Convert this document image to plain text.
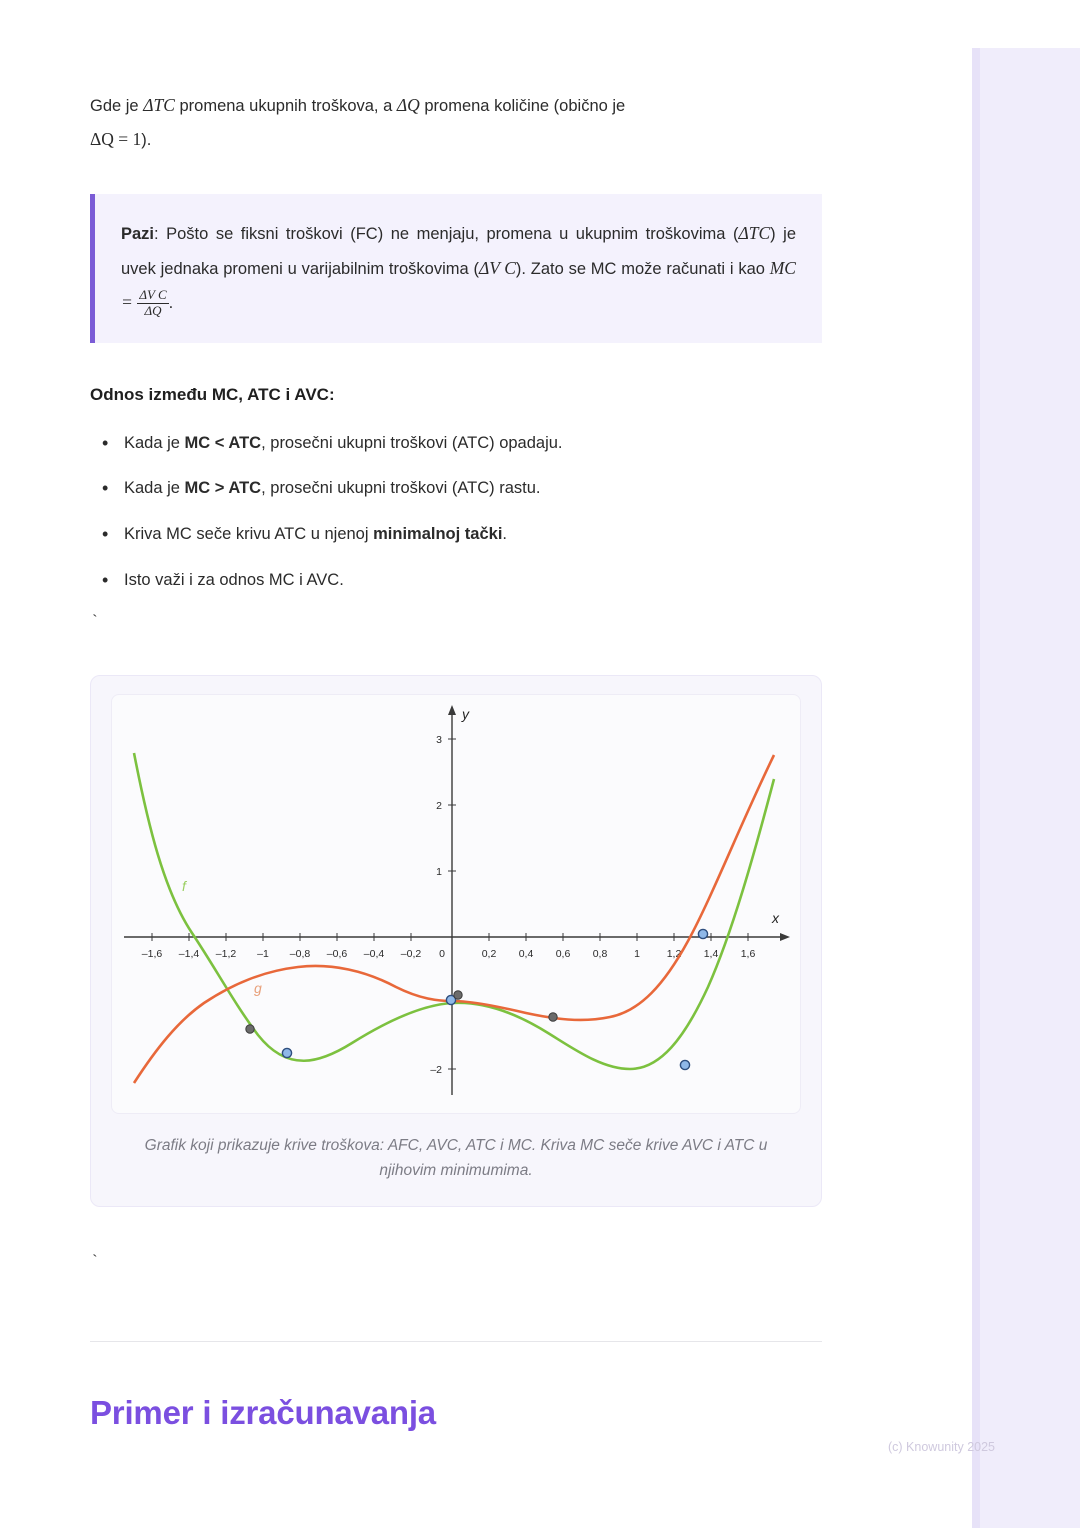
Gde je ΔTC promena ukupnih troškova, a ΔQ promena količine (obično je
ΔQ = 1).

Pazi: Pošto se fiksni troškovi (FC) ne menjaju, promena u ukupnim troškovima (ΔTC) je uvek jednaka promeni u varijabilnim troškovima (ΔV C). Zato se MC može računati i kao MC = $\frac{\text{ΔV C}}{\Delta Q}$ .

Odnos između MC, ATC i AVC:
• Kada je MC < ATC, prosečni ukupni troškovi (ATC) opadaju.
• Kada je MC > ATC, prosečni ukupni troškovi (ATC) rastu.
• Kriva MC seče krivu ATC u njenoj minimalnoj tački.
• Isto važi i za odnos MC i AVC.
`
x
y
–1,6 –1,4 –1,2 –1 –0,8 –0,6 –0,4 –0,2 0	0,2 0,4 0,6 0,8	1	1,2 1,4 1,6
3
2
1
–2
f
g
Grafik koji prikazuje krive troškova: AFC, AVC, ATC i MC. Kriva MC seče krive AVC i ATC u njihovim minimumima.
`
Primer i izračunavanja
(c) Knowunity 2025
